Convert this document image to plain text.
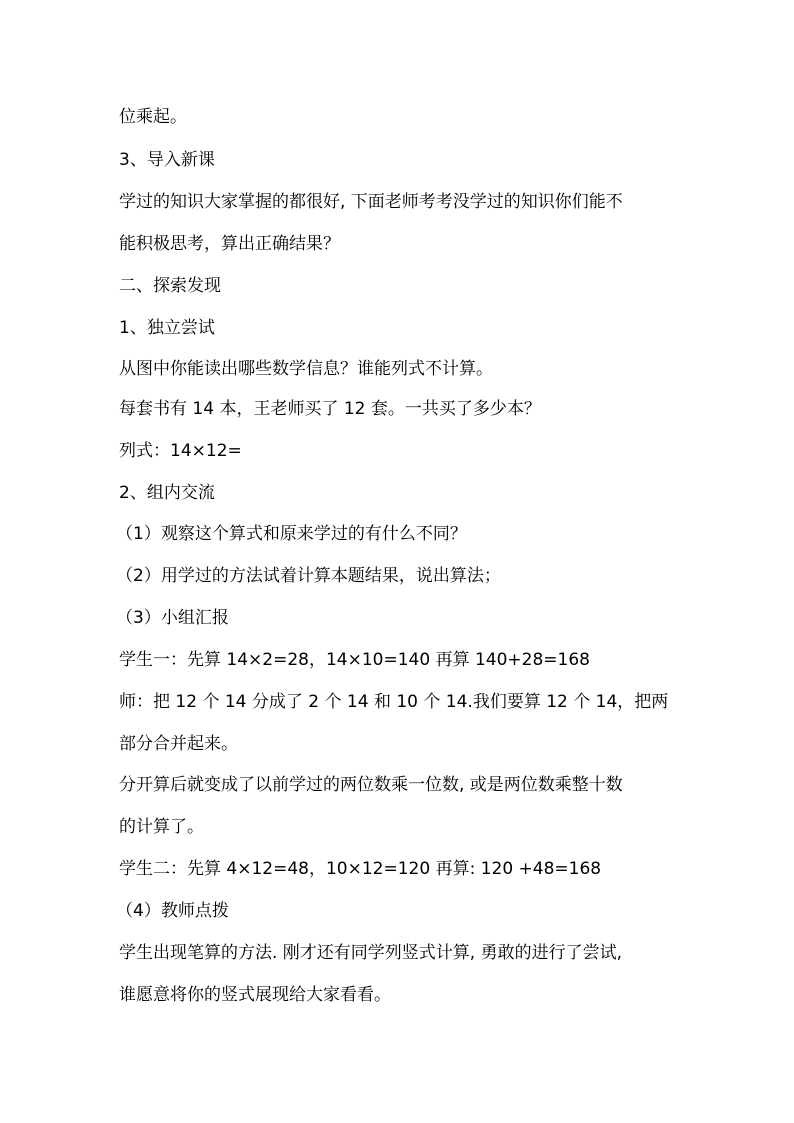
位乘起。
3、导入新课
学过的知识大家掌握的都很好, 下面老师考考没学过的知识你们能不
能积极思考，算出正确结果？
二、探索发现
1、独立尝试
从图中你能读出哪些数学信息？谁能列式不计算。
每套书有 14 本，王老师买了 12 套。一共买了多少本？
列式：14×12=
2、组内交流
（1）观察这个算式和原来学过的有什么不同？
（2）用学过的方法试着计算本题结果，说出算法；
（3）小组汇报
学生一：先算 14×2=28，14×10=140 再算 140+28=168
师：把 12 个 14 分成了 2 个 14 和 10 个 14.我们要算 12 个 14，把两
部分合并起来。
分开算后就变成了以前学过的两位数乘一位数, 或是两位数乘整十数
的计算了。
学生二：先算 4×12=48，10×12=120 再算: 120 +48=168
（4）教师点拨
学生出现笔算的方法. 刚才还有同学列竖式计算, 勇敢的进行了尝试,
谁愿意将你的竖式展现给大家看看。
